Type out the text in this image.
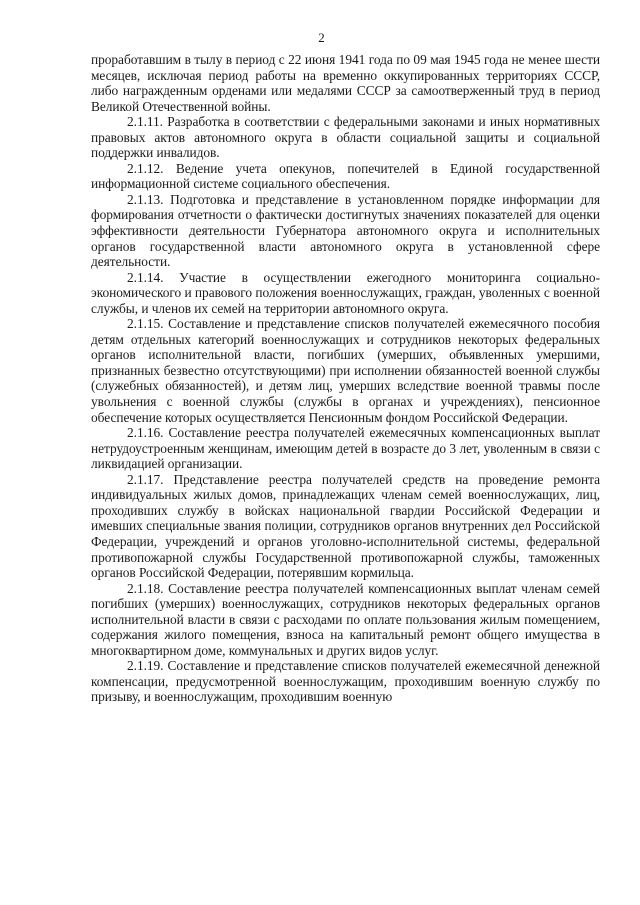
2

проработавшим в тылу в период с 22 июня 1941 года по 09 мая 1945 года не менее шести месяцев, исключая период работы на временно оккупированных территориях СССР, либо награжденным орденами или медалями СССР за самоотверженный труд в период Великой Отечественной войны.

2.1.11. Разработка в соответствии с федеральными законами и иных нормативных правовых актов автономного округа в области социальной защиты и социальной поддержки инвалидов.

2.1.12. Ведение учета опекунов, попечителей в Единой государственной информационной системе социального обеспечения.

2.1.13. Подготовка и представление в установленном порядке информации для формирования отчетности о фактически достигнутых значениях показателей для оценки эффективности деятельности Губернатора автономного округа и исполнительных органов государственной власти автономного округа в установленной сфере деятельности.

2.1.14. Участие в осуществлении ежегодного мониторинга социально-экономического и правового положения военнослужащих, граждан, уволенных с военной службы, и членов их семей на территории автономного округа.

2.1.15. Составление и представление списков получателей ежемесячного пособия детям отдельных категорий военнослужащих и сотрудников некоторых федеральных органов исполнительной власти, погибших (умерших, объявленных умершими, признанных безвестно отсутствующими) при исполнении обязанностей военной службы (служебных обязанностей), и детям лиц, умерших вследствие военной травмы после увольнения с военной службы (службы в органах и учреждениях), пенсионное обеспечение которых осуществляется Пенсионным фондом Российской Федерации.

2.1.16. Составление реестра получателей ежемесячных компенсационных выплат нетрудоустроенным женщинам, имеющим детей в возрасте до 3 лет, уволенным в связи с ликвидацией организации.

2.1.17. Представление реестра получателей средств на проведение ремонта индивидуальных жилых домов, принадлежащих членам семей военнослужащих, лиц, проходивших службу в войсках национальной гвардии Российской Федерации и имевших специальные звания полиции, сотрудников органов внутренних дел Российской Федерации, учреждений и органов уголовно-исполнительной системы, федеральной противопожарной службы Государственной противопожарной службы, таможенных органов Российской Федерации, потерявшим кормильца.

2.1.18. Составление реестра получателей компенсационных выплат членам семей погибших (умерших) военнослужащих, сотрудников некоторых федеральных органов исполнительной власти в связи с расходами по оплате пользования жилым помещением, содержания жилого помещения, взноса на капитальный ремонт общего имущества в многоквартирном доме, коммунальных и других видов услуг.

2.1.19. Составление и представление списков получателей ежемесячной денежной компенсации, предусмотренной военнослужащим, проходившим военную службу по призыву, и военнослужащим, проходившим военную
